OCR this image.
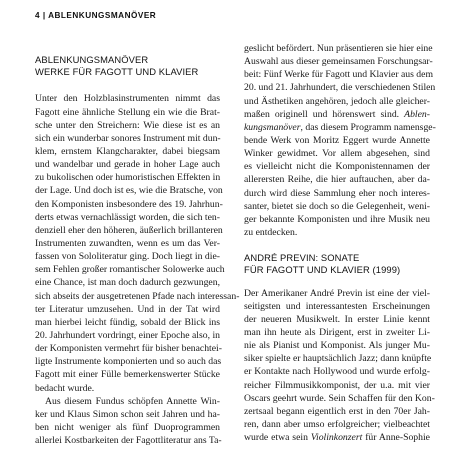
4 | ABLENKUNGSMANÖVER
ABLENKUNGSMANÖVER
WERKE FÜR FAGOTT UND KLAVIER
Unter den Holzblasinstrumenten nimmt das
Fagott eine ähnliche Stellung ein wie die Brat-
sche unter den Streichern: Wie diese ist es an
sich ein wunderbar sonores Instrument mit dun-
klem, ernstem Klangcharakter, dabei biegsam
und wandelbar und gerade in hoher Lage auch
zu bukolischen oder humoristischen Effekten in
der Lage. Und doch ist es, wie die Bratsche, von
den Komponisten insbesondere des 19. Jahrhun-
derts etwas vernachlässigt worden, die sich ten-
denziell eher den höheren, äußerlich brillanteren
Instrumenten zuwandten, wenn es um das Ver-
fassen von Sololiteratur ging. Doch liegt in die-
sem Fehlen großer romantischer Solowerke auch
eine Chance, ist man doch dadurch gezwungen,
sich abseits der ausgetretenen Pfade nach interessan-
ter Literatur umzusehen. Und in der Tat wird
man hierbei leicht fündig, sobald der Blick ins
20. Jahrhundert vordringt, einer Epoche also, in
der Komponisten vermehrt für bisher benachtei-
ligte Instrumente komponierten und so auch das
Fagott mit einer Fülle bemerkenswerter Stücke
bedacht wurde.
Aus diesem Fundus schöpfen Annette Win-
ker und Klaus Simon schon seit Jahren und ha-
ben nicht weniger als fünf Duoprogrammen
allerlei Kostbarkeiten der Fagottliteratur ans Ta-
geslicht befördert. Nun präsentieren sie hier eine
Auswahl aus dieser gemeinsamen Forschungsar-
beit: Fünf Werke für Fagott und Klavier aus dem
20. und 21. Jahrhundert, die verschiedenen Stilen
und Ästhetiken angehören, jedoch alle gleicher-
maßen originell und hörenswert sind. Ablen-
kungsmanöver, das diesem Programm namensge-
bende Werk von Moritz Eggert wurde Annette
Winker gewidmet. Vor allem abgesehen, sind
es vielleicht nicht die Komponistennamen der
allerersten Reihe, die hier auftauchen, aber da-
durch wird diese Sammlung eher noch interes-
santer, bietet sie doch so die Gelegenheit, weni-
ger bekannte Komponisten und ihre Musik neu
zu entdecken.
ANDRÉ PREVIN: SONATE
FÜR FAGOTT UND KLAVIER (1999)
Der Amerikaner André Previn ist eine der viel-
seitigsten und interessantesten Erscheinungen
der neueren Musikwelt. In erster Linie kennt
man ihn heute als Dirigent, erst in zweiter Li-
nie als Pianist und Komponist. Als junger Mu-
siker spielte er hauptsächlich Jazz; dann knüpfte
er Kontakte nach Hollywood und wurde erfolg-
reicher Filmmusikkomponist, der u.a. mit vier
Oscars geehrt wurde. Sein Schaffen für den Kon-
zertsaal begann eigentlich erst in den 70er Jah-
ren, dann aber umso erfolgreicher; vielbeachtet
wurde etwa sein Violinkonzert für Anne-Sophie
